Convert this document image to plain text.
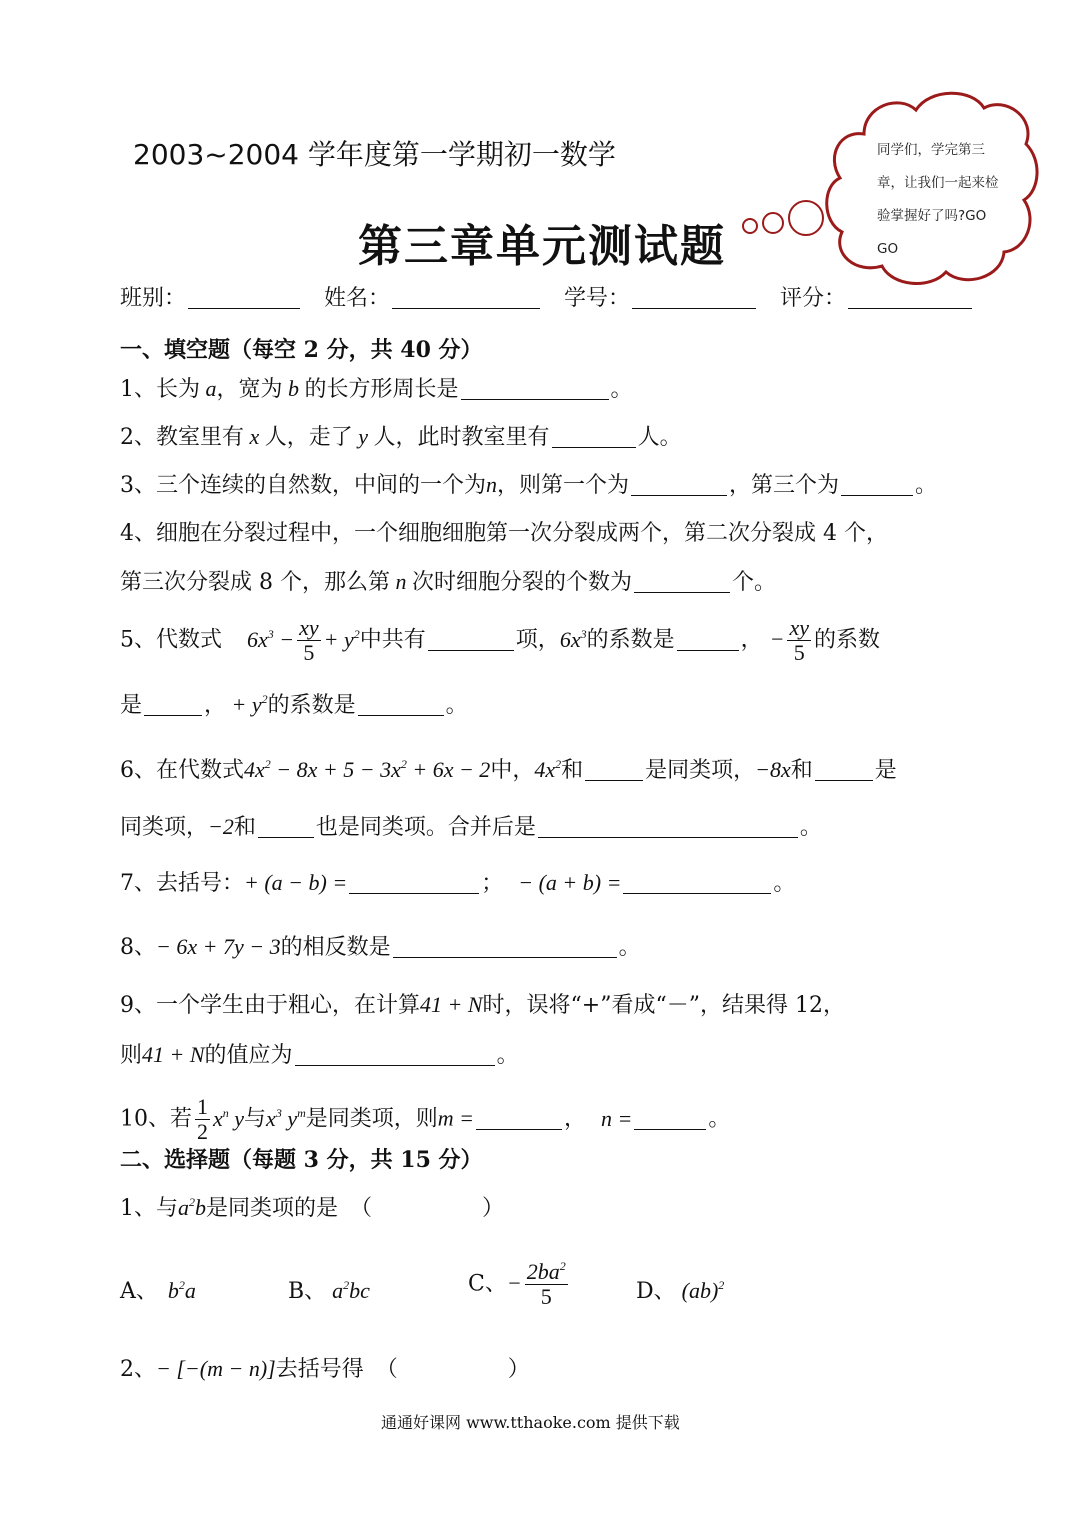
2003~2004 学年度第一学期初一数学
第三章单元测试题
同学们，学完第三章，让我们一起来检验掌握好了吗?GO GO
班别：	姓名：	学号：	评分：
一、填空题（每空 2 分，共 40 分）
1、长为 a，宽为 b 的长方形周长是	。
2、教室里有 x 人，走了 y 人，此时教室里有	人。
3、三个连续的自然数，中间的一个为n，则第一个为	，第三个为	。
4、细胞在分裂过程中，一个细胞细胞第一次分裂成两个，第二次分裂成 4 个，
第三次分裂成 8 个，那么第 n 次时细胞分裂的个数为	个。
5、代数式 $6x^3 - \frac{xy}{5} + y^2$中共有	项，$6x^3$的系数是	， − $\frac{xy}{5}$ 的系数
是	， + $y^2$的系数是	。
6、在代数式$4x^2 - 8x + 5 - 3x^2 + 6x - 2$中，$4x^2$和	是同类项，−8x和	是
同类项，−2和	也是同类项。合并后是	。
7、去括号：+ (a − b) =	； − (a + b) =	。
8、− 6x + 7y − 3的相反数是	。
9、一个学生由于粗心，在计算41 + N时，误将“+”看成“－”，结果得 12，
则41 + N的值应为	。
10、若 $\frac{1}{2} x^n$ y与$x^3$ $y^m$是同类项，则m =	， n =	。
二、选择题（每题 3 分，共 15 分）
1、与$a^2b$是同类项的是 （　　　　　）
A、 $b^2a$	B、 $a^2bc$	C、− $\frac{2ba^2}{5}$	D、 (ab)$^2$
2、− [−(m − n)]去括号得 （　　　　　）
通通好课网 www.tthaoke.com 提供下载
